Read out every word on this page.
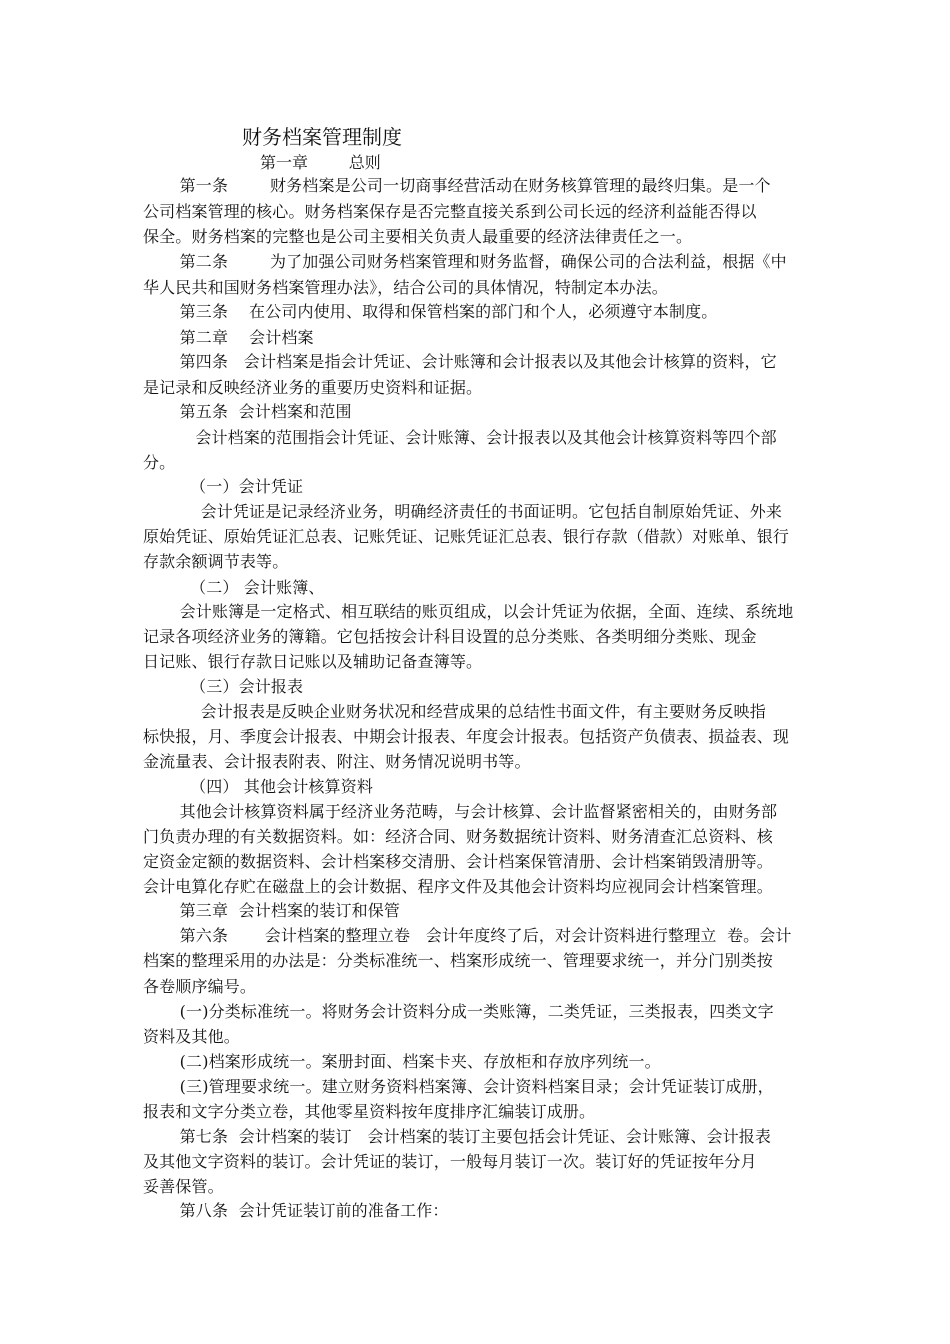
财务档案管理制度
第一章        总则
第一条        财务档案是公司一切商事经营活动在财务核算管理的最终归集。是一个
公司档案管理的核心。财务档案保存是否完整直接关系到公司长远的经济利益能否得以
保全。财务档案的完整也是公司主要相关负责人最重要的经济法律责任之一。
第二条        为了加强公司财务档案管理和财务监督，确保公司的合法利益，根据《中
华人民共和国财务档案管理办法》，结合公司的具体情况，特制定本办法。
第三条    在公司内使用、取得和保管档案的部门和个人，必须遵守本制度。
第二章    会计档案
第四条   会计档案是指会计凭证、会计账簿和会计报表以及其他会计核算的资料，它
是记录和反映经济业务的重要历史资料和证据。
第五条  会计档案和范围
会计档案的范围指会计凭证、会计账簿、会计报表以及其他会计核算资料等四个部
分。
（一）会计凭证
会计凭证是记录经济业务，明确经济责任的书面证明。它包括自制原始凭证、外来
原始凭证、原始凭证汇总表、记账凭证、记账凭证汇总表、银行存款（借款）对账单、银行
存款余额调节表等。
（二） 会计账簿、
会计账簿是一定格式、相互联结的账页组成，以会计凭证为依据，全面、连续、系统地
记录各项经济业务的簿籍。它包括按会计科目设置的总分类账、各类明细分类账、现金
日记账、银行存款日记账以及辅助记备查簿等。
（三）会计报表
会计报表是反映企业财务状况和经营成果的总结性书面文件，有主要财务反映指
标快报，月、季度会计报表、中期会计报表、年度会计报表。包括资产负债表、损益表、现
金流量表、会计报表附表、附注、财务情况说明书等。
（四） 其他会计核算资料
其他会计核算资料属于经济业务范畴，与会计核算、会计监督紧密相关的，由财务部
门负责办理的有关数据资料。如：经济合同、财务数据统计资料、财务清查汇总资料、核
定资金定额的数据资料、会计档案移交清册、会计档案保管清册、会计档案销毁清册等。
会计电算化存贮在磁盘上的会计数据、程序文件及其他会计资料均应视同会计档案管理。
第三章  会计档案的装订和保管
第六条       会计档案的整理立卷   会计年度终了后，对会计资料进行整理立  卷。会计
档案的整理采用的办法是：分类标准统一、档案形成统一、管理要求统一，并分门别类按
各卷顺序编号。
(一)分类标准统一。将财务会计资料分成一类账簿，二类凭证，三类报表，四类文字
资料及其他。
(二)档案形成统一。案册封面、档案卡夹、存放柜和存放序列统一。
(三)管理要求统一。建立财务资料档案簿、会计资料档案目录；会计凭证装订成册，
报表和文字分类立卷，其他零星资料按年度排序汇编装订成册。
第七条  会计档案的装订   会计档案的装订主要包括会计凭证、会计账簿、会计报表
及其他文字资料的装订。会计凭证的装订，一般每月装订一次。装订好的凭证按年分月
妥善保管。
第八条  会计凭证装订前的准备工作：
